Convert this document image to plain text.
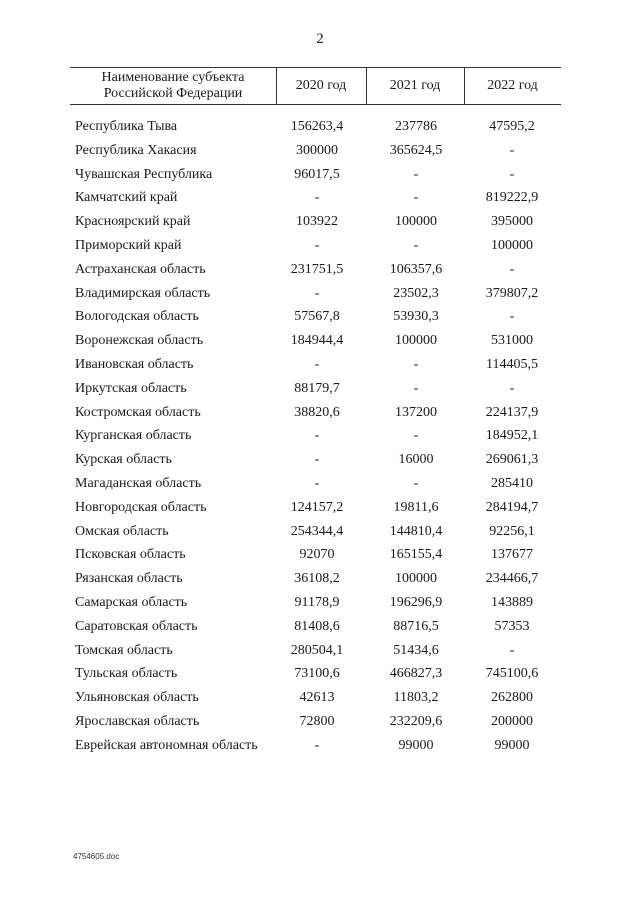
2
Наименование субъекта Российской Федерации
2020 год	2021 год	2022 год
Республика Тыва	156263,4	237786	47595,2
Республика Хакасия	300000	365624,5	-
Чувашская Республика	96017,5	-	-
Камчатский край	-	-	819222,9
Красноярский край	103922	100000	395000
Приморский край	-	-	100000
Астраханская область	231751,5	106357,6	-
Владимирская область	-	23502,3	379807,2
Вологодская область	57567,8	53930,3	-
Воронежская область	184944,4	100000	531000
Ивановская область	-	-	114405,5
Иркутская область	88179,7	-	-
Костромская область	38820,6	137200	224137,9
Курганская область	-	-	184952,1
Курская область	-	16000	269061,3
Магаданская область	-	-	285410
Новгородская область	124157,2	19811,6	284194,7
Омская область	254344,4	144810,4	92256,1
Псковская область	92070	165155,4	137677
Рязанская область	36108,2	100000	234466,7
Самарская область	91178,9	196296,9	143889
Саратовская область	81408,6	88716,5	57353
Томская область	280504,1	51434,6	-
Тульская область	73100,6	466827,3	745100,6
Ульяновская область	42613	11803,2	262800
Ярославская область	72800	232209,6	200000
Еврейская автономная область	-	99000	99000
4754605.doc
